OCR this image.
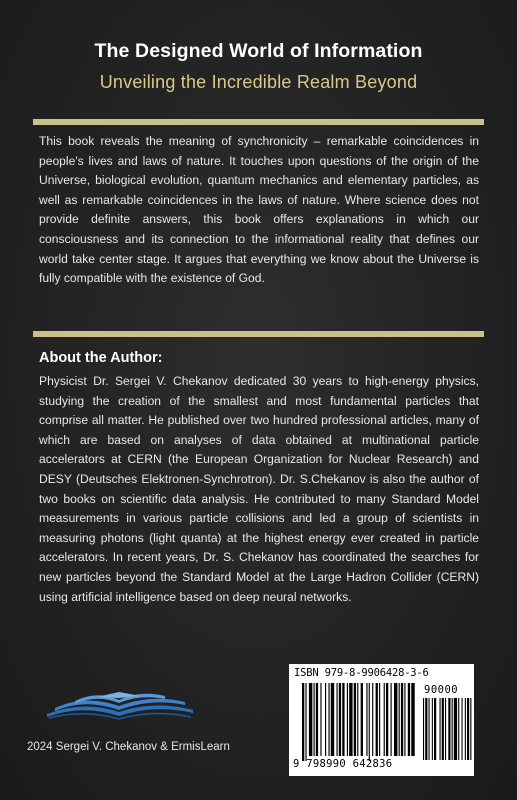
The Designed World of Information
Unveiling the Incredible Realm Beyond
This book reveals the meaning of synchronicity – remarkable coincidences in people's lives and laws of nature. It touches upon questions of the origin of the Universe, biological evolution, quantum mechanics and elementary particles, as well as remarkable coincidences in the laws of nature. Where science does not provide definite answers, this book offers explanations in which our consciousness and its connection to the informational reality that defines our world take center stage. It argues that everything we know about the Universe is fully compatible with the existence of God.
About the Author:
Physicist Dr. Sergei V. Chekanov dedicated 30 years to high-energy physics, studying the creation of the smallest and most fundamental particles that comprise all matter. He published over two hundred professional articles, many of which are based on analyses of data obtained at multinational particle accelerators at CERN (the European Organization for Nuclear Research) and DESY (Deutsches Elektronen-Synchrotron). Dr. S.Chekanov is also the author of two books on scientific data analysis. He contributed to many Standard Model measurements in various particle collisions and led a group of scientists in measuring photons (light quanta) at the highest energy ever created in particle accelerators. In recent years, Dr. S. Chekanov has coordinated the searches for new particles beyond the Standard Model at the Large Hadron Collider (CERN) using artificial intelligence based on deep neural networks.
2024 Sergei V. Chekanov & ErmisLearn
ISBN 979-8-9906428-3-6
90000
9 798990 642836
